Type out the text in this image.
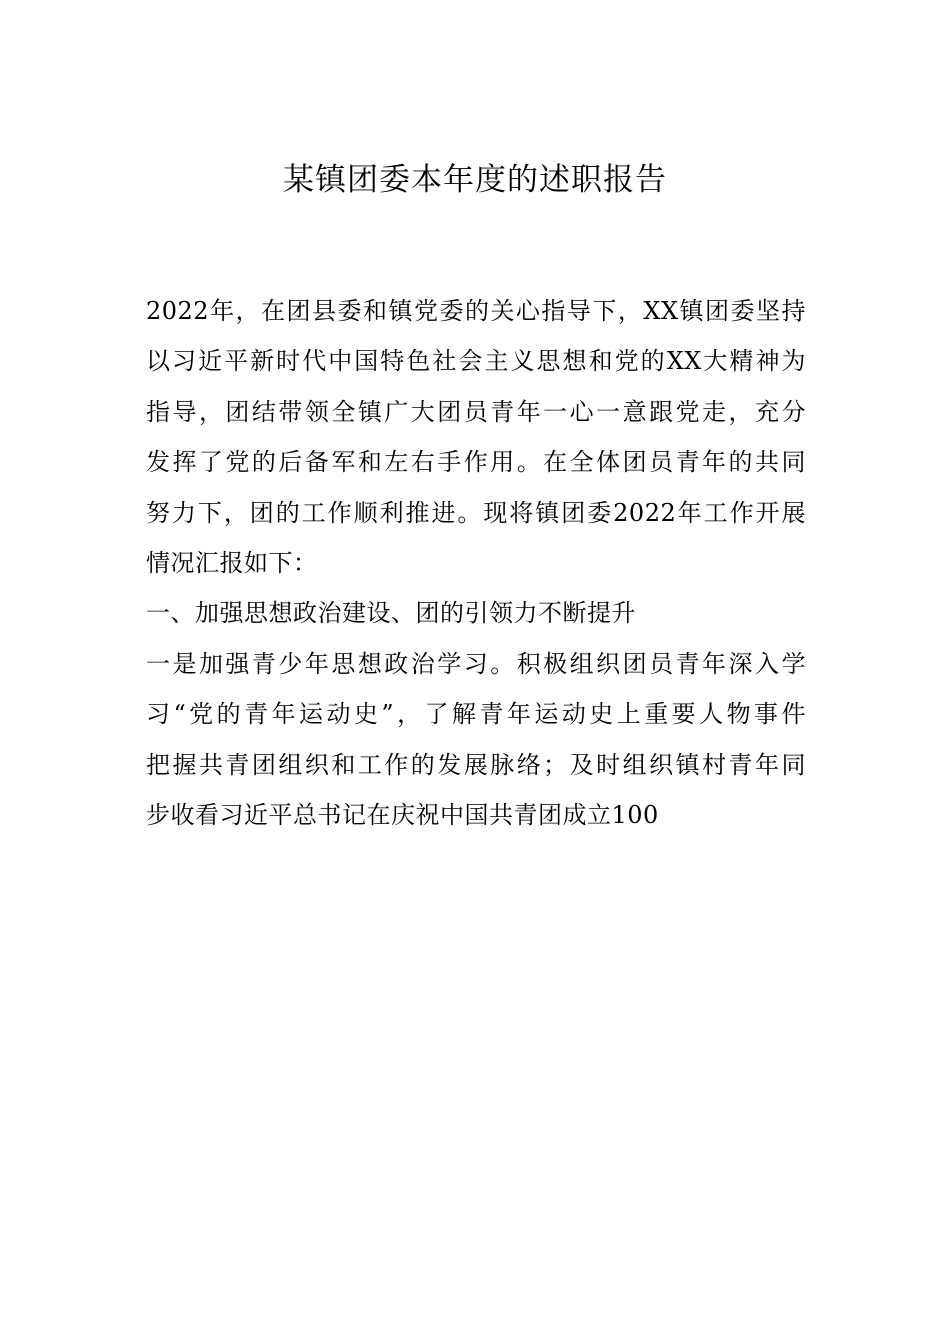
某镇团委本年度的述职报告
2022年，在团县委和镇党委的关心指导下，XX镇团委坚持
以习近平新时代中国特色社会主义思想和党的XX大精神为
指导，团结带领全镇广大团员青年一心一意跟党走，充分
发挥了党的后备军和左右手作用。在全体团员青年的共同
努力下，团的工作顺利推进。现将镇团委2022年工作开展
情况汇报如下：
一、加强思想政治建设、团的引领力不断提升
一是加强青少年思想政治学习。积极组织团员青年深入学
习“党的青年运动史”，了解青年运动史上重要人物事件
把握共青团组织和工作的发展脉络；及时组织镇村青年同
步收看习近平总书记在庆祝中国共青团成立100
